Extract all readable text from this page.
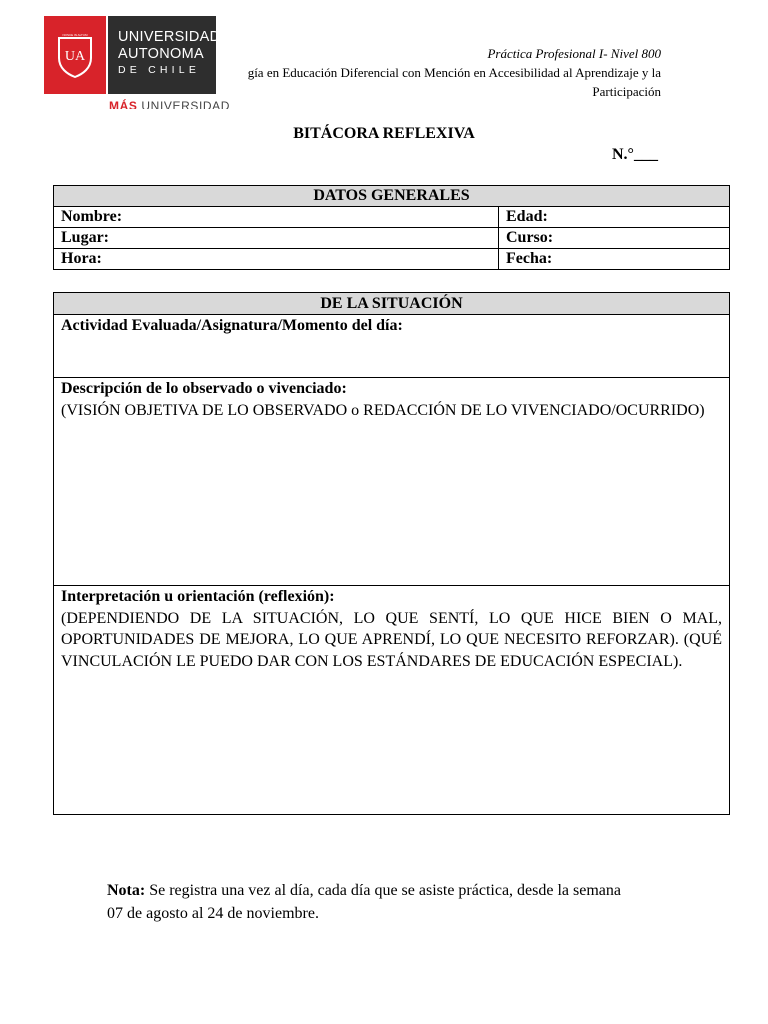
NOSCE IN ALTUM
UA
UNIVERSIDAD
AUTONOMA
DE CHILE
MÁS UNIVERSIDAD
Práctica Profesional I- Nivel 800
gía en Educación Diferencial con Mención en Accesibilidad al Aprendizaje y la
Participación
BITÁCORA REFLEXIVA
N.°___
DATOS GENERALES	
Nombre:	Edad:
Lugar:	Curso:
Hora:	Fecha:
DE LA SITUACIÓN

Actividad Evaluada/Asignatura/Momento del día:

Descripción de lo observado o vivenciado:
(VISIÓN OBJETIVA DE LO OBSERVADO o REDACCIÓN DE LO VIVENCIADO/OCURRIDO)

Interpretación u orientación (reflexión):
(DEPENDIENDO DE LA SITUACIÓN, LO QUE SENTÍ, LO QUE HICE BIEN O MAL, OPORTUNIDADES DE MEJORA, LO QUE APRENDÍ, LO QUE NECESITO REFORZAR). (QUÉ VINCULACIÓN LE PUEDO DAR CON LOS ESTÁNDARES DE EDUCACIÓN ESPECIAL).
Nota: Se registra una vez al día, cada día que se asiste práctica, desde la semana 07 de agosto al 24 de noviembre.
